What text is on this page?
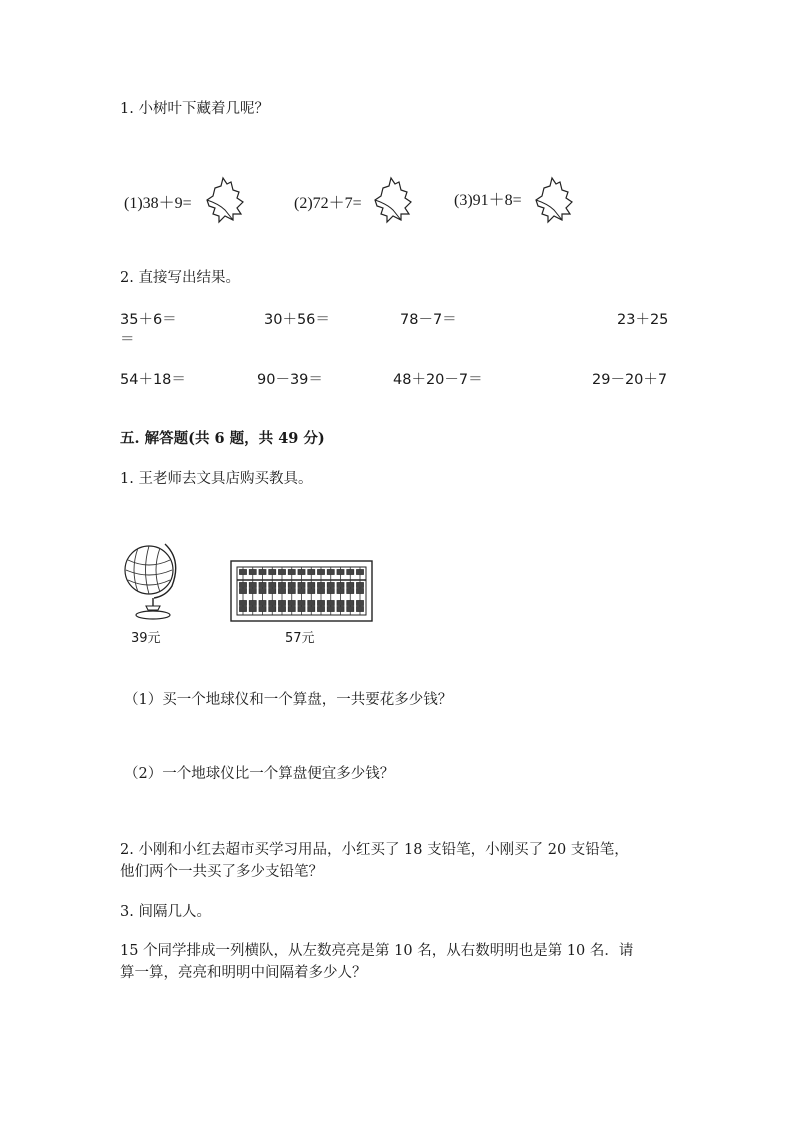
1. 小树叶下藏着几呢？
(1)38＋9=	(2)72＋7=	(3)91＋8=
2. 直接写出结果。
35＋6＝	30＋56＝	78－7＝	23＋25
＝
54＋18＝	90－39＝	48＋20－7＝	29－20＋7
五. 解答题(共 6 题，共 49 分)
1. 王老师去文具店购买教具。
39元	57元
（1）买一个地球仪和一个算盘，一共要花多少钱？
（2）一个地球仪比一个算盘便宜多少钱？
2. 小刚和小红去超市买学习用品，小红买了 18 支铅笔，小刚买了 20 支铅笔，
他们两个一共买了多少支铅笔？
3. 间隔几人。
15 个同学排成一列横队，从左数亮亮是第 10 名，从右数明明也是第 10 名．请
算一算，亮亮和明明中间隔着多少人？
